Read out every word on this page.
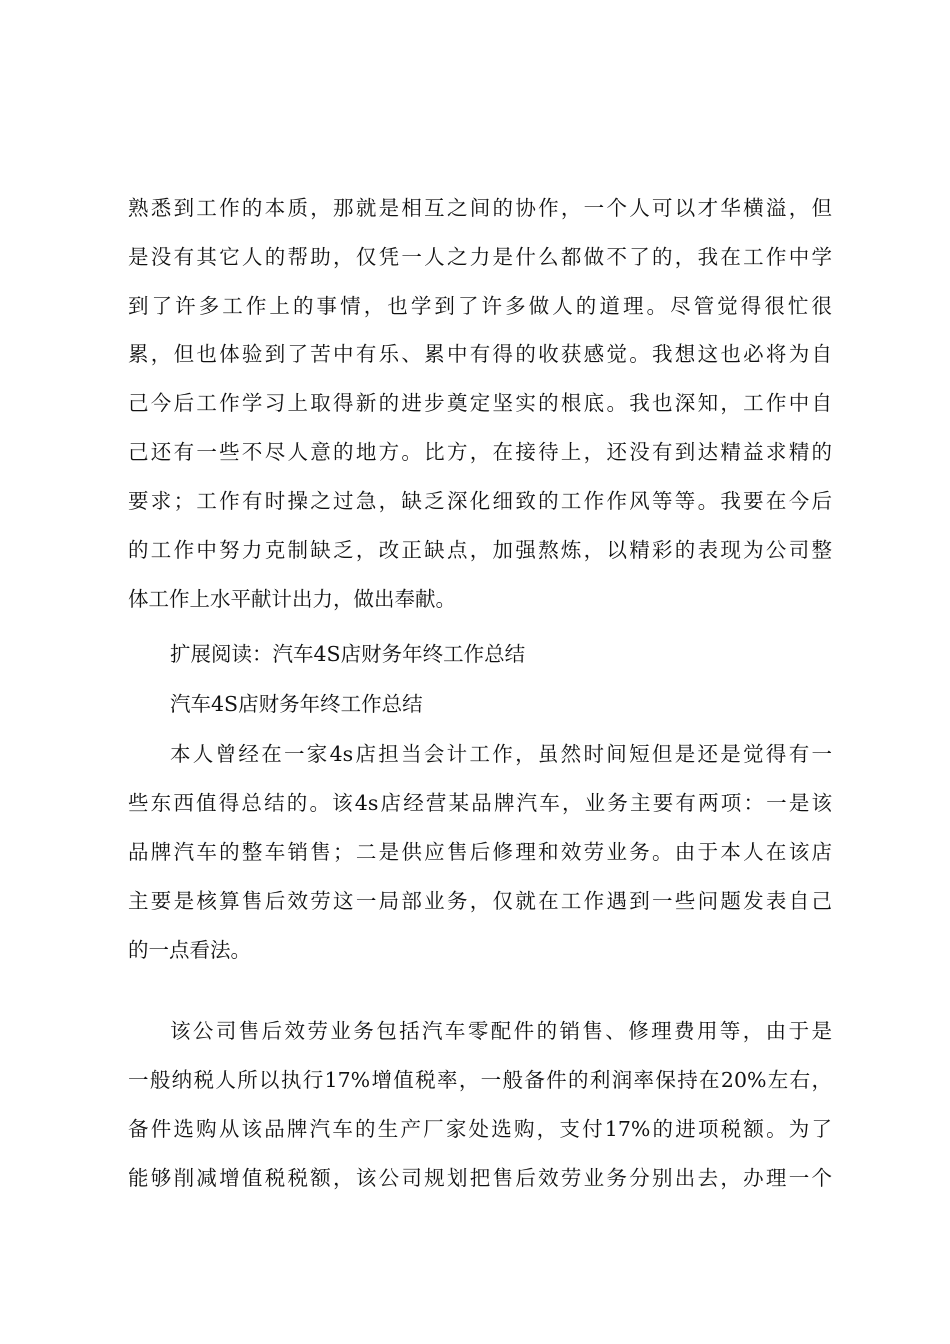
熟悉到工作的本质，那就是相互之间的协作，一个人可以才华横溢，但
是没有其它人的帮助，仅凭一人之力是什么都做不了的，我在工作中学
到了许多工作上的事情，也学到了许多做人的道理。尽管觉得很忙很
累，但也体验到了苦中有乐、累中有得的收获感觉。我想这也必将为自
己今后工作学习上取得新的进步奠定坚实的根底。我也深知，工作中自
己还有一些不尽人意的地方。比方，在接待上，还没有到达精益求精的
要求；工作有时操之过急，缺乏深化细致的工作作风等等。我要在今后
的工作中努力克制缺乏，改正缺点，加强熬炼，以精彩的表现为公司整
体工作上水平献计出力，做出奉献。
扩展阅读：汽车4S店财务年终工作总结
汽车4S店财务年终工作总结
本人曾经在一家4s店担当会计工作，虽然时间短但是还是觉得有一
些东西值得总结的。该4s店经营某品牌汽车，业务主要有两项：一是该
品牌汽车的整车销售；二是供应售后修理和效劳业务。由于本人在该店
主要是核算售后效劳这一局部业务，仅就在工作遇到一些问题发表自己
的一点看法。
该公司售后效劳业务包括汽车零配件的销售、修理费用等，由于是
一般纳税人所以执行17%增值税率，一般备件的利润率保持在20%左右，
备件选购从该品牌汽车的生产厂家处选购，支付17%的进项税额。为了
能够削减增值税税额，该公司规划把售后效劳业务分别出去，办理一个
